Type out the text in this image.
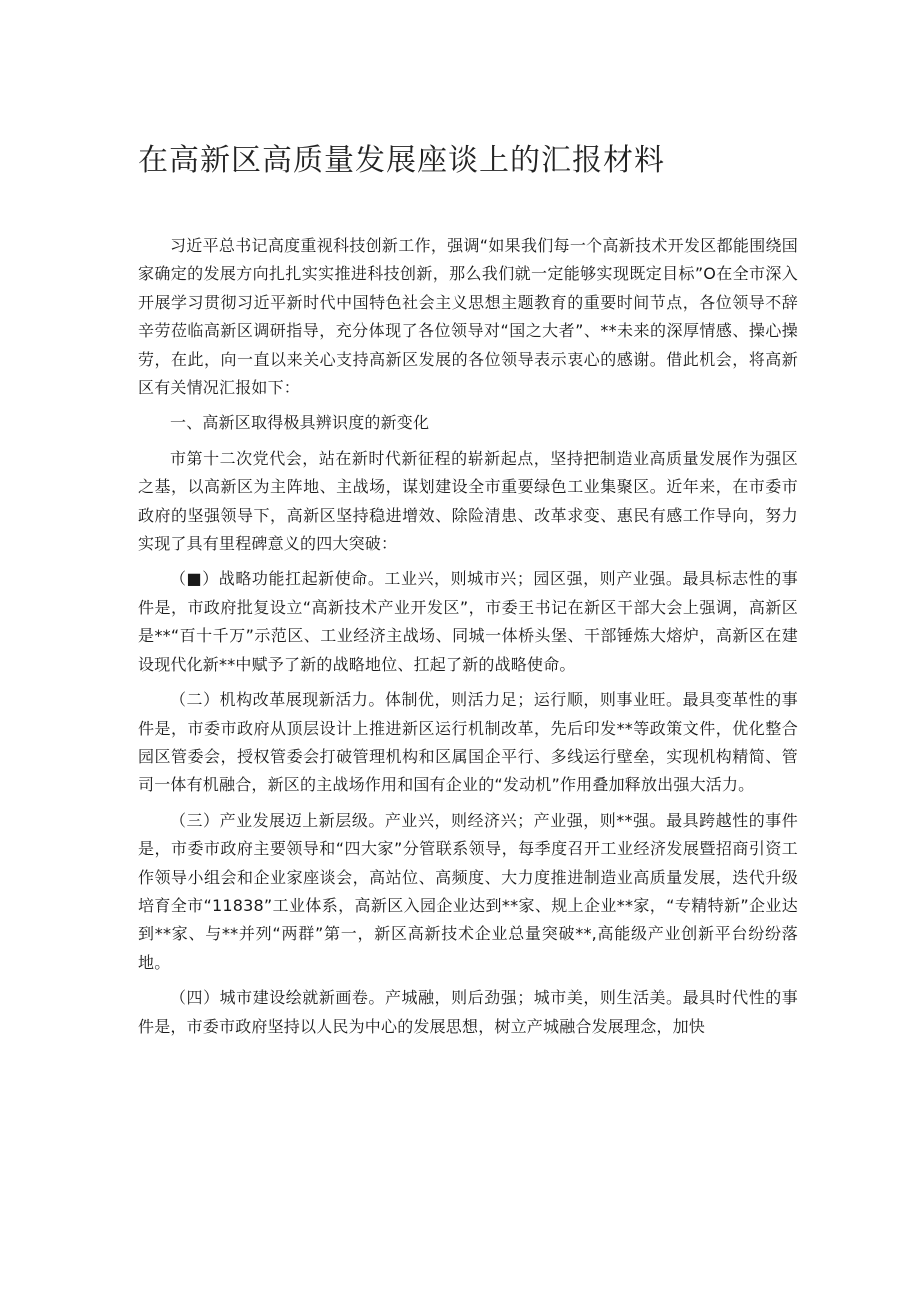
在高新区高质量发展座谈上的汇报材料

习近平总书记高度重视科技创新工作，强调“如果我们每一个高新技术开发区都能围绕国家确定的发展方向扎扎实实推进科技创新，那么我们就一定能够实现既定目标”O在全市深入开展学习贯彻习近平新时代中国特色社会主义思想主题教育的重要时间节点，各位领导不辞辛劳莅临高新区调研指导，充分体现了各位领导对“国之大者”、**未来的深厚情感、操心操劳，在此，向一直以来关心支持高新区发展的各位领导表示衷心的感谢。借此机会，将高新区有关情况汇报如下：

一、高新区取得极具辨识度的新变化

市第十二次党代会，站在新时代新征程的崭新起点，坚持把制造业高质量发展作为强区之基，以高新区为主阵地、主战场，谋划建设全市重要绿色工业集聚区。近年来，在市委市政府的坚强领导下，高新区坚持稳进增效、除险清患、改革求变、惠民有感工作导向，努力实现了具有里程碑意义的四大突破：

（■）战略功能扛起新使命。工业兴，则城市兴；园区强，则产业强。最具标志性的事件是，市政府批复设立“高新技术产业开发区”，市委王书记在新区干部大会上强调，高新区是**“百十千万”示范区、工业经济主战场、同城一体桥头堡、干部锤炼大熔炉，高新区在建设现代化新**中赋予了新的战略地位、扛起了新的战略使命。

（二）机构改革展现新活力。体制优，则活力足；运行顺，则事业旺。最具变革性的事件是，市委市政府从顶层设计上推进新区运行机制改革，先后印发**等政策文件，优化整合园区管委会，授权管委会打破管理机构和区属国企平行、多线运行壁垒，实现机构精简、管司一体有机融合，新区的主战场作用和国有企业的“发动机”作用叠加释放出强大活力。

（三）产业发展迈上新层级。产业兴，则经济兴；产业强，则**强。最具跨越性的事件是，市委市政府主要领导和“四大家”分管联系领导，每季度召开工业经济发展暨招商引资工作领导小组会和企业家座谈会，高站位、高频度、大力度推进制造业高质量发展，迭代升级培育全市“11838”工业体系，高新区入园企业达到**家、规上企业**家，“专精特新”企业达到**家、与**并列“两群”第一，新区高新技术企业总量突破**,高能级产业创新平台纷纷落地。

（四）城市建设绘就新画卷。产城融，则后劲强；城市美，则生活美。最具时代性的事件是，市委市政府坚持以人民为中心的发展思想，树立产城融合发展理念，加快
